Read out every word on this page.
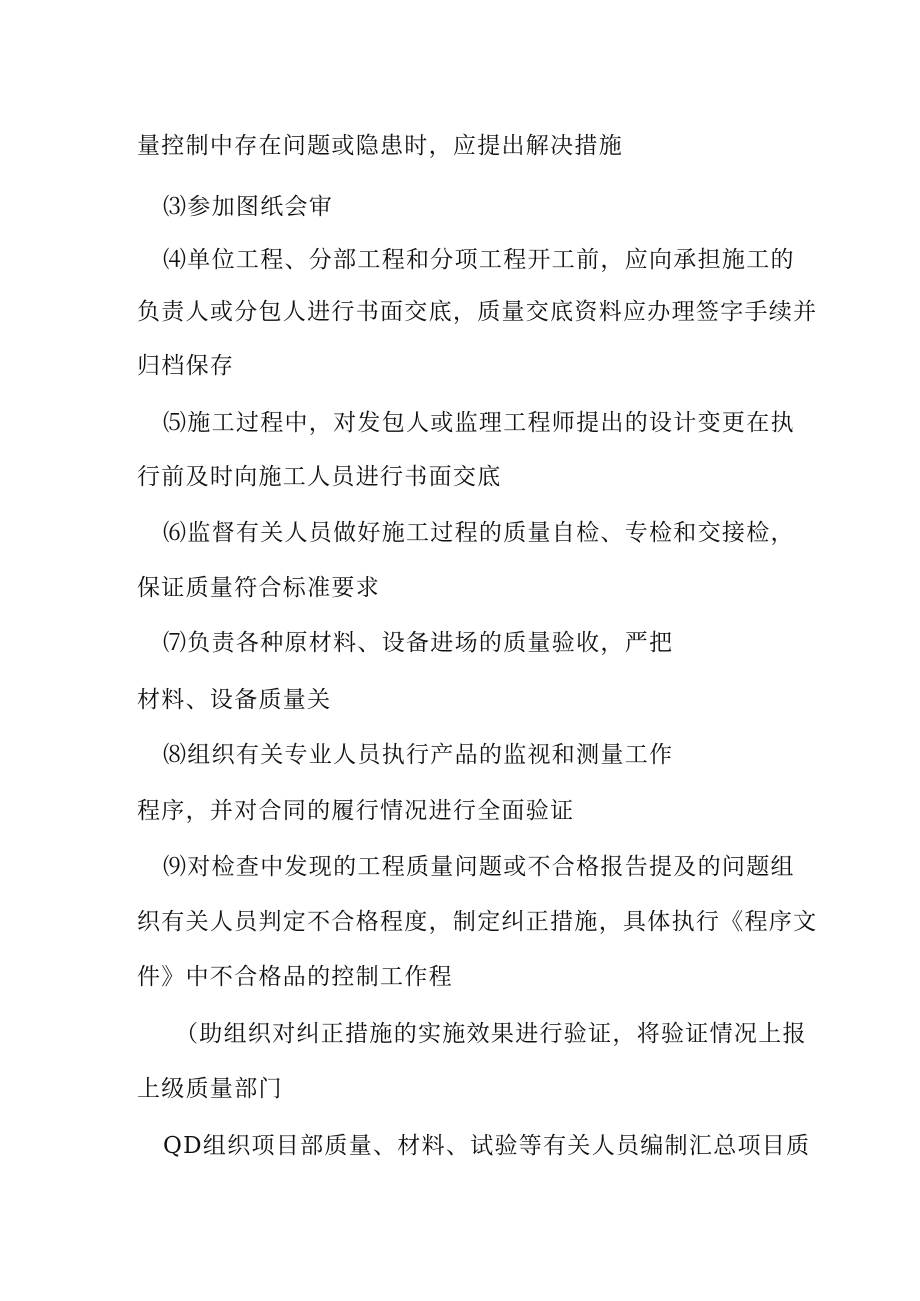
量控制中存在问题或隐患时，应提出解决措施
⑶参加图纸会审
⑷单位工程、分部工程和分项工程开工前，应向承担施工的
负责人或分包人进行书面交底，质量交底资料应办理签字手续并
归档保存
⑸施工过程中，对发包人或监理工程师提出的设计变更在执
行前及时向施工人员进行书面交底
⑹监督有关人员做好施工过程的质量自检、专检和交接检，
保证质量符合标准要求
⑺负责各种原材料、设备进场的质量验收，严把
材料、设备质量关
⑻组织有关专业人员执行产品的监视和测量工作
程序，并对合同的履行情况进行全面验证
⑼对检查中发现的工程质量问题或不合格报告提及的问题组
织有关人员判定不合格程度，制定纠正措施，具体执行《程序文
件》中不合格品的控制工作程
（助组织对纠正措施的实施效果进行验证，将验证情况上报
上级质量部门
QD组织项目部质量、材料、试验等有关人员编制汇总项目质
